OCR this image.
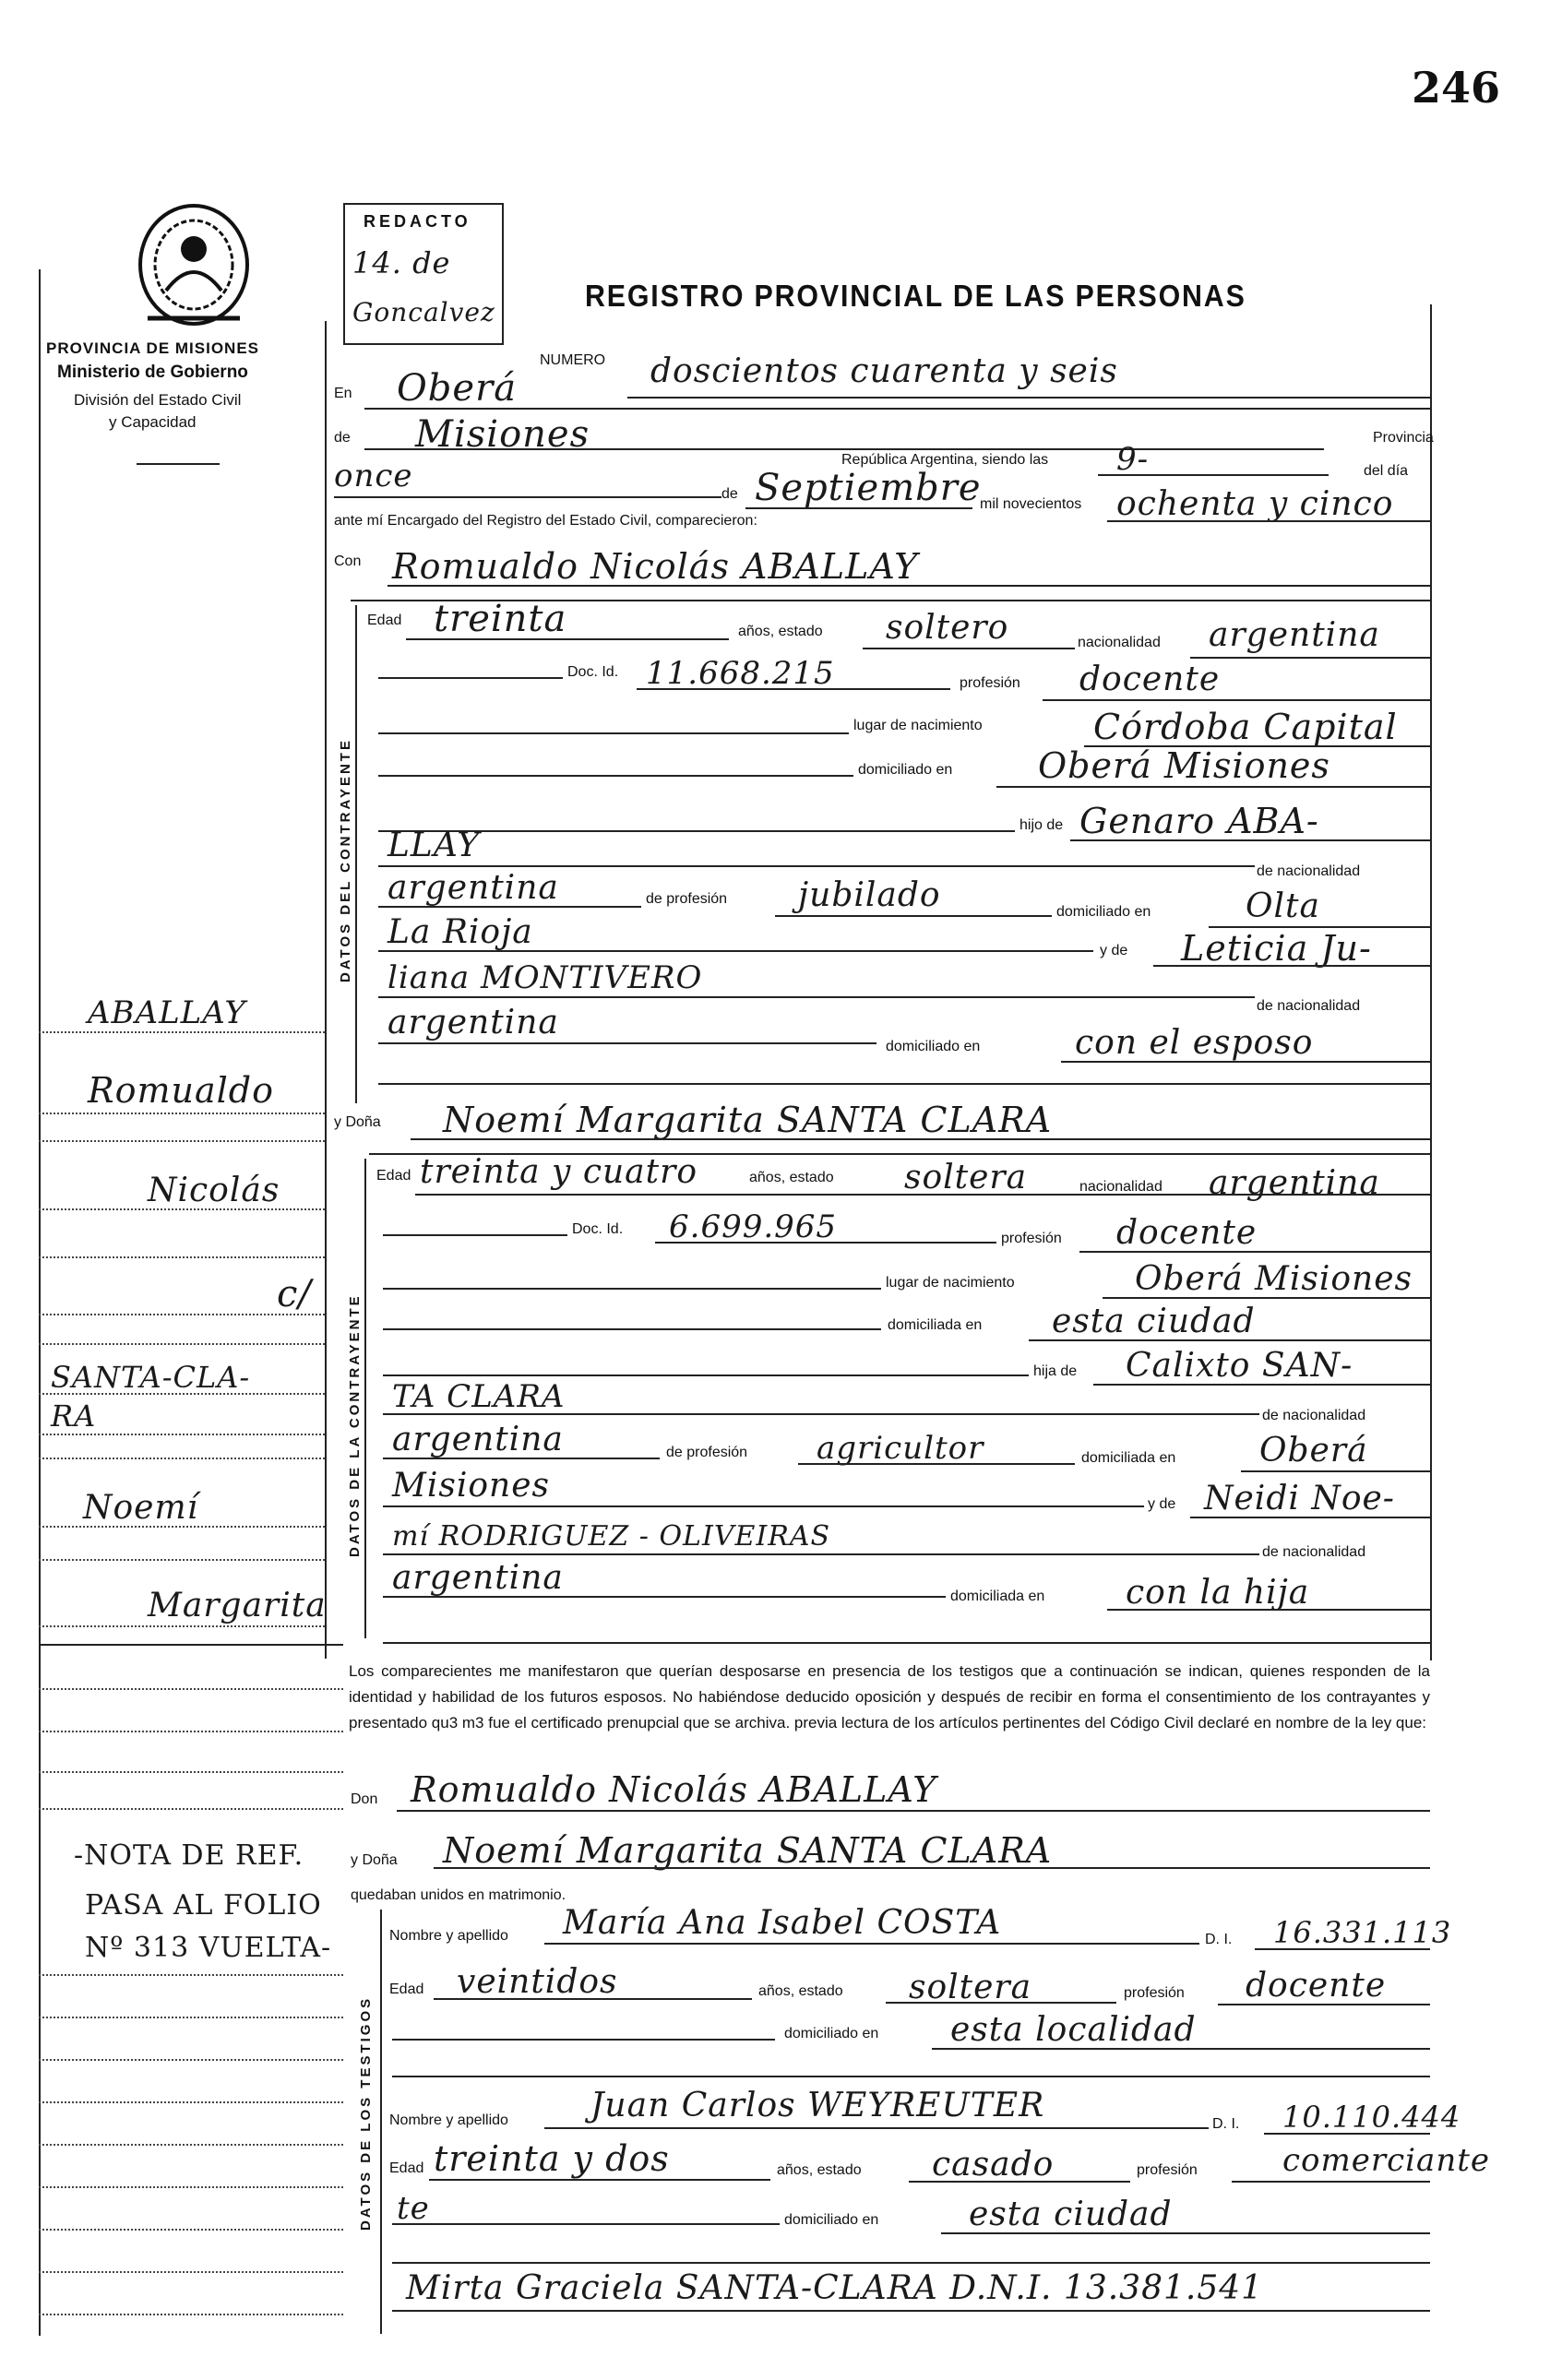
246
PROVINCIA DE MISIONES
Ministerio de Gobierno
División del Estado Civil
y Capacidad
REDACTO
14. de
Goncalvez	REGISTRO PROVINCIAL DE LAS PERSONAS
NUMERO doscientos cuarenta y seis
En Oberá
de Misiones	Provincia
República Argentina, siendo las 9-	del día
once	de Septiembre
mil novecientos ochenta y cinco
ante mí Encargado del Registro del Estado Civil, comparecieron:
Con Romualdo Nicolás ABALLAY
DATOS DEL CONTRAYENTE
Edad treinta	años, estado soltero	nacionalidad argentina
Doc. Id. 11.668.215	profesión docente
lugar de nacimiento	Córdoba Capital
domiciliado en Oberá Misiones
hijo de Genaro ABA-
LLAY
de nacionalidad
argentina	de profesión jubilado	domiciliado en	Olta
La Rioja	y de Leticia Ju-
liana MONTIVERO
de nacionalidad
argentina
domiciliado en	con el esposo
y Doña Noemí Margarita SANTA CLARA
DATOS DE LA CONTRAYENTE
Edad treinta y cuatro	años, estado soltera	nacionalidad argentina
Doc. Id. 6.699.965	profesión docente
lugar de nacimiento	Oberá Misiones
domiciliada en esta ciudad
hija de Calixto SAN-
TA CLARA
de nacionalidad
argentina	de profesión agricultor	domiciliada en	Oberá
Misiones	y de Neidi Noe-
mí RODRIGUEZ - OLIVEIRAS	de nacionalidad
argentina	domiciliada en con la hija
Los comparecientes me manifestaron que querían desposarse en presencia de los testigos que a continuación se indican, quienes responden de la identidad y habilidad de los futuros esposos. No habiéndose deducido oposición y después de recibir en forma el consentimiento de los contrayantes y presentado qu3 m3 fue el certificado prenupcial que se archiva. previa lectura de los artículos pertinentes del Código Civil declaré en nombre de la ley que:
Don Romualdo Nicolás ABALLAY
y Doña Noemí Margarita SANTA CLARA
quedaban unidos en matrimonio.
DATOS DE LOS TESTIGOS
Nombre y apellido María Ana Isabel COSTA	D. I. 16.331.113
Edad veintidos	años, estado soltera	profesión docente
domiciliado en esta localidad
Nombre y apellido Juan Carlos WEYREUTER	D. I. 10.110.444
Edad treinta y dos	años, estado casado	profesión	comerciante
te	domiciliado en	esta ciudad
Mirta Graciela SANTA-CLARA D.N.I. 13.381.541
ABALLAY
Romualdo
Nicolás
c/
SANTA-CLA-
RA
Noemí
Margarita
-NOTA DE REF.
PASA AL FOLIO
Nº 313 VUELTA-
